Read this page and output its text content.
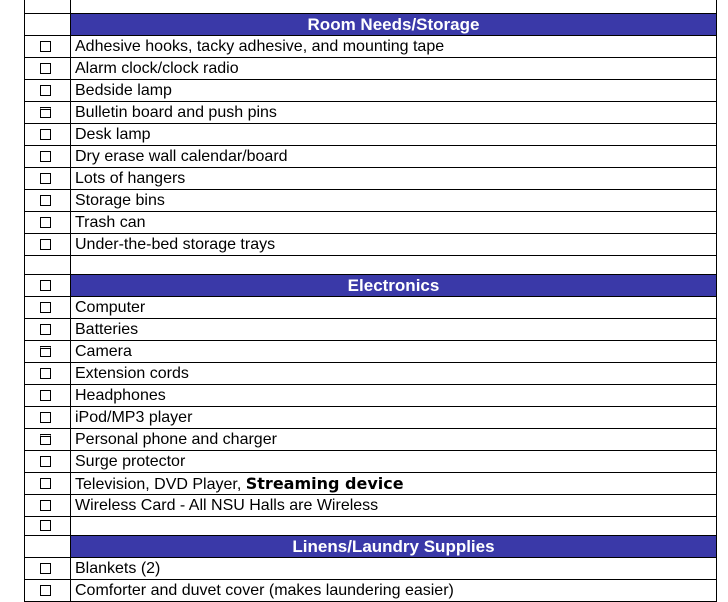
Room Needs/Storage
Adhesive hooks, tacky adhesive, and mounting tape
Alarm clock/clock radio
Bedside lamp
Bulletin board and push pins
Desk lamp
Dry erase wall calendar/board
Lots of hangers
Storage bins
Trash can
Under-the-bed storage trays
Electronics
Computer
Batteries
Camera
Extension cords
Headphones
iPod/MP3 player
Personal phone and charger
Surge protector
Television, DVD Player, Streaming device
Wireless Card - All NSU Halls are Wireless
Linens/Laundry Supplies
Blankets (2)
Comforter and duvet cover (makes laundering easier)
